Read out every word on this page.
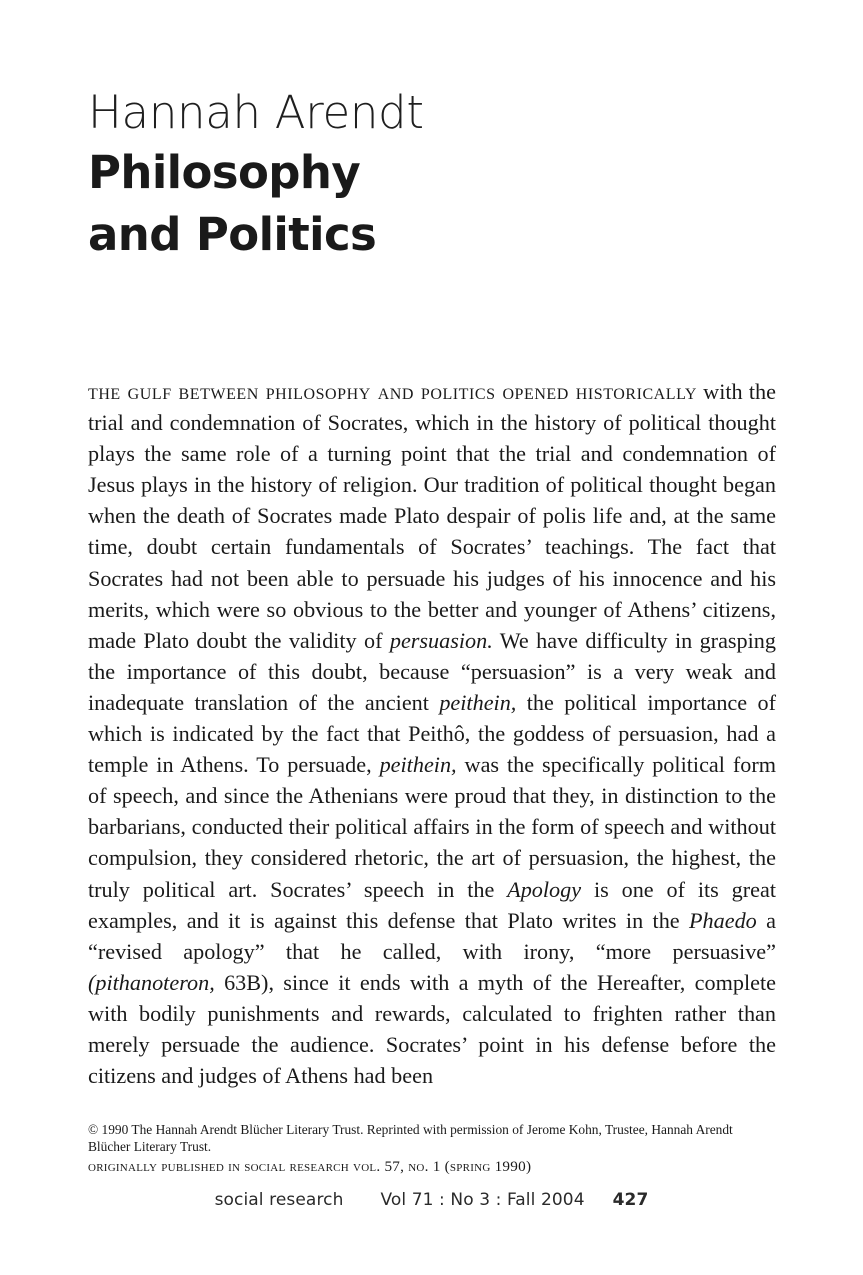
Hannah Arendt
Philosophy
and Politics

the gulf between philosophy and politics opened historically with the trial and condemnation of Socrates, which in the history of political thought plays the same role of a turning point that the trial and condemnation of Jesus plays in the history of religion. Our tradition of political thought began when the death of Socrates made Plato despair of polis life and, at the same time, doubt certain fundamentals of Socrates’ teachings. The fact that Socrates had not been able to persuade his judges of his innocence and his merits, which were so obvious to the better and younger of Athens’ citizens, made Plato doubt the validity of persuasion. We have difficulty in grasping the importance of this doubt, because “persuasion” is a very weak and inadequate translation of the ancient peithein, the political importance of which is indicated by the fact that Peithô, the goddess of persuasion, had a temple in Athens. To persuade, peithein, was the specifically political form of speech, and since the Athenians were proud that they, in distinction to the barbarians, conducted their political affairs in the form of speech and without compulsion, they considered rhetoric, the art of persuasion, the highest, the truly political art. Socrates’ speech in the Apology is one of its great examples, and it is against this defense that Plato writes in the Phaedo a “revised apology” that he called, with irony, “more persuasive” (pithanoteron, 63B), since it ends with a myth of the Hereafter, complete with bodily punishments and rewards, calculated to frighten rather than merely persuade the audience. Socrates’ point in his defense before the citizens and judges of Athens had been

© 1990 The Hannah Arendt Blücher Literary Trust. Reprinted with permission of Jerome Kohn, Trustee, Hannah Arendt Blücher Literary Trust.

originally published in social research vol. 57, no. 1 (spring 1990)

social research Vol 71 : No 3 : Fall 2004 427
